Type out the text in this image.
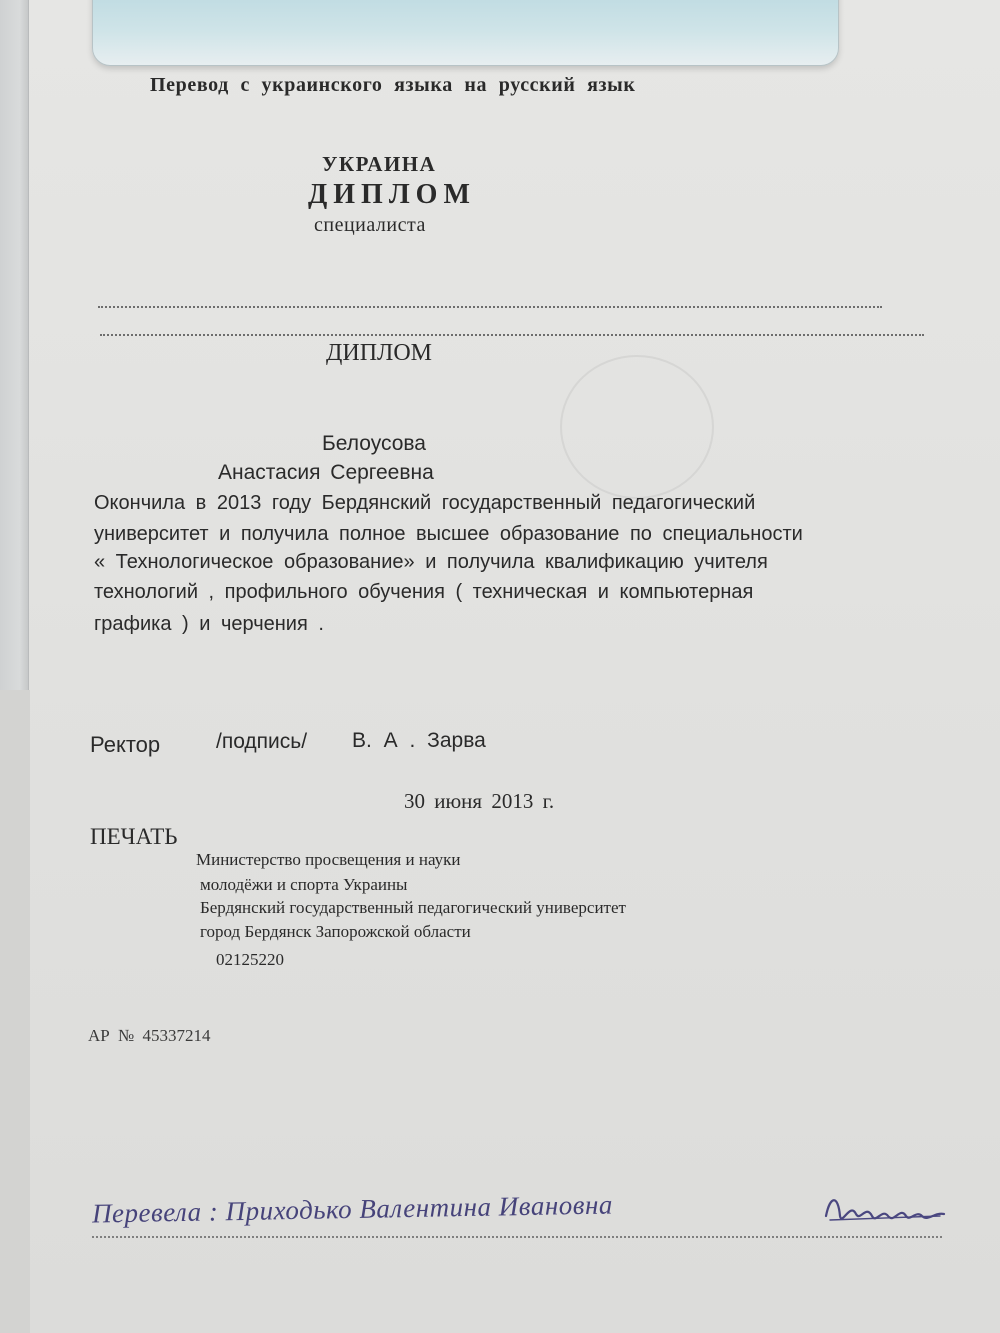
Перевод с украинского языка на русский язык
УКРАИНА
ДИПЛОМ
специалиста
ДИПЛОМ
Белоусова
Анастасия Сергеевна
Окончила в 2013 году Бердянский государственный педагогический
университет и получила полное высшее образование по специальности
« Технологическое образование» и получила квалификацию учителя
технологий , профильного обучения ( техническая и компьютерная
графика ) и черчения .
Ректор	/подпись/ В. А . Зарва
30 июня 2013 г.
ПЕЧАТЬ
Министерство просвещения и науки
молодёжи и спорта Украины
Бердянский государственный педагогический университет
город Бердянск Запорожской области
02125220
АР № 45337214
Перевела : Приходько Валентина Ивановна
